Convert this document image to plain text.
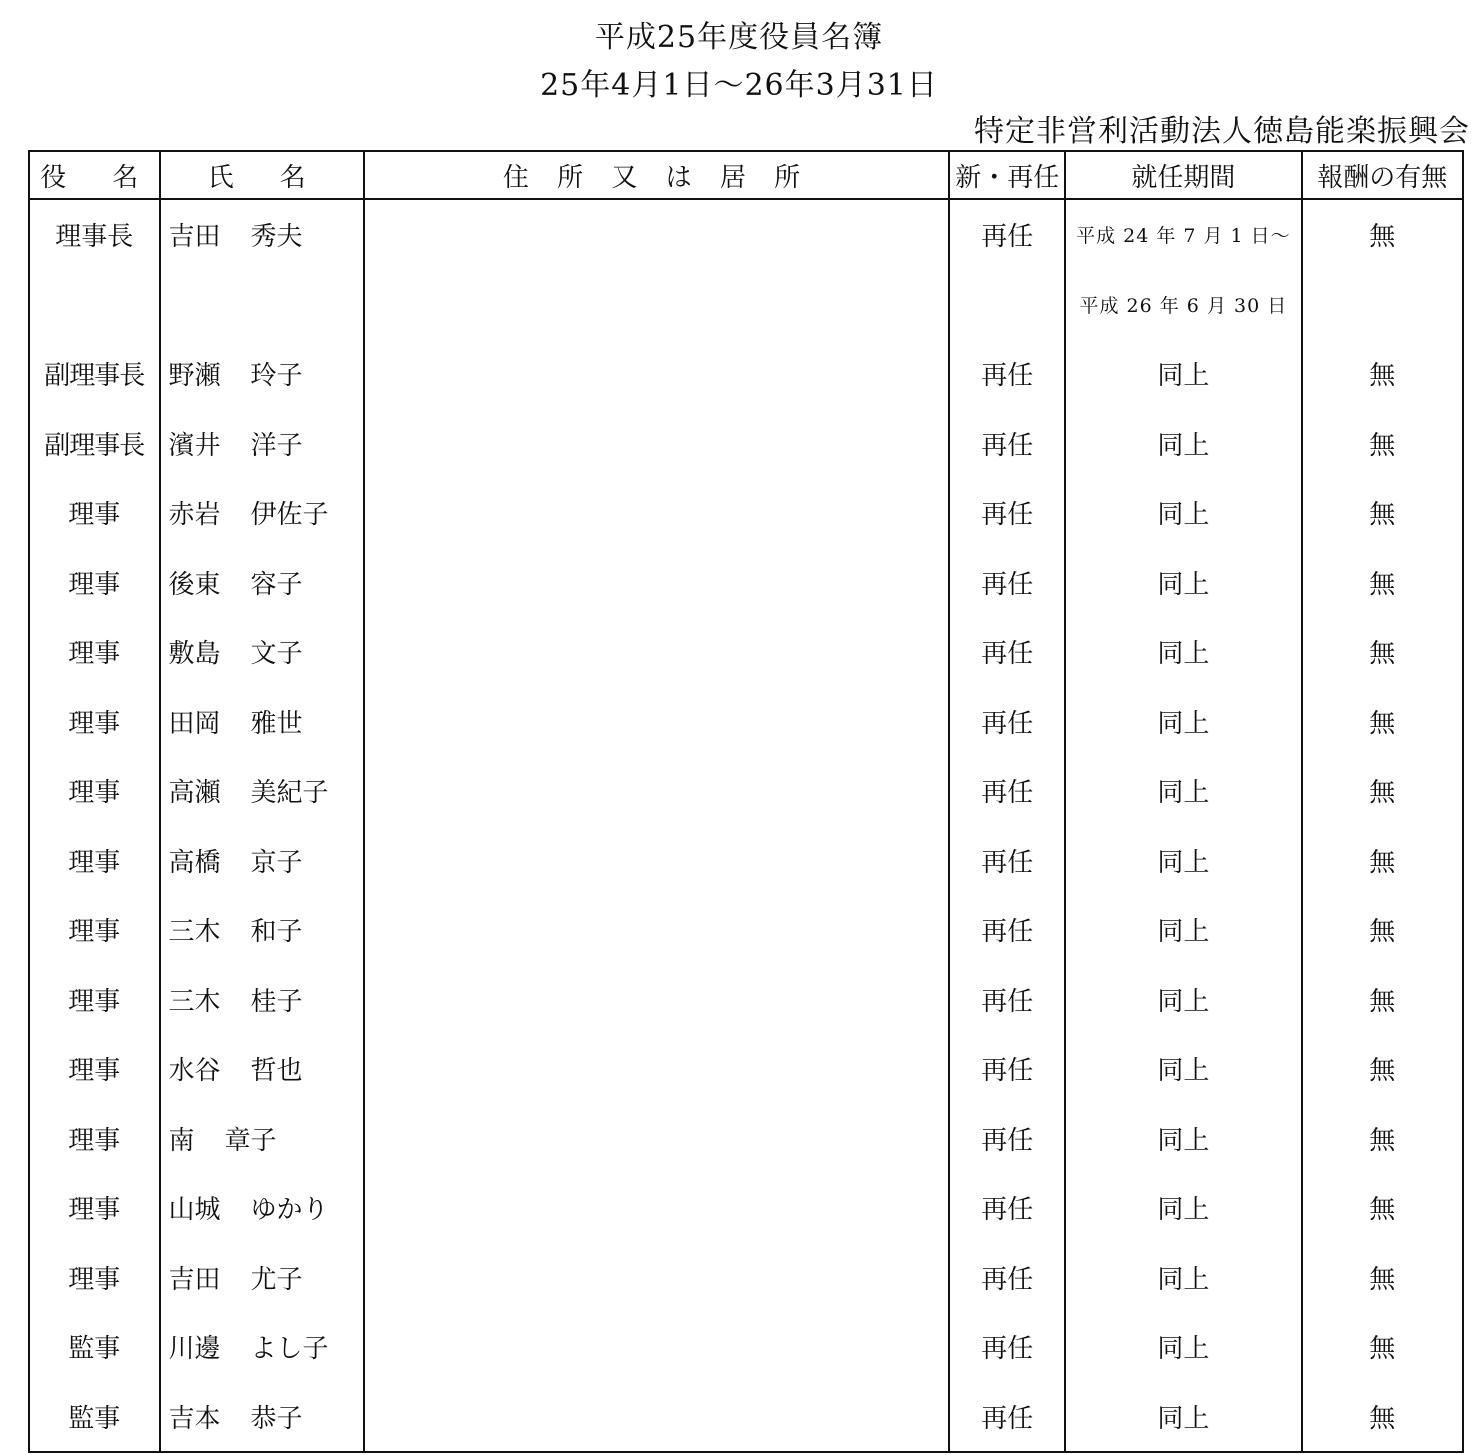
平成25年度役員名簿
25年4月1日～26年3月31日
特定非営利活動法人徳島能楽振興会
役　名	氏　名	住 所 又 は 居 所	新・再任	就任期間	報酬の有無
理事長	吉田 秀夫		再任	平成 24 年 7 月 1 日～	無
				平成 26 年 6 月 30 日	
副理事長	野瀬 玲子		再任	同上	無
副理事長	濱井 洋子		再任	同上	無
理事	赤岩 伊佐子		再任	同上	無
理事	後東 容子		再任	同上	無
理事	敷島 文子		再任	同上	無
理事	田岡 雅世		再任	同上	無
理事	高瀬 美紀子		再任	同上	無
理事	高橋 京子		再任	同上	無
理事	三木 和子		再任	同上	無
理事	三木 桂子		再任	同上	無
理事	水谷 哲也		再任	同上	無
理事	南 章子		再任	同上	無
理事	山城 ゆかり		再任	同上	無
理事	吉田 尤子		再任	同上	無
監事	川邊 よし子		再任	同上	無
監事	吉本 恭子		再任	同上	無
